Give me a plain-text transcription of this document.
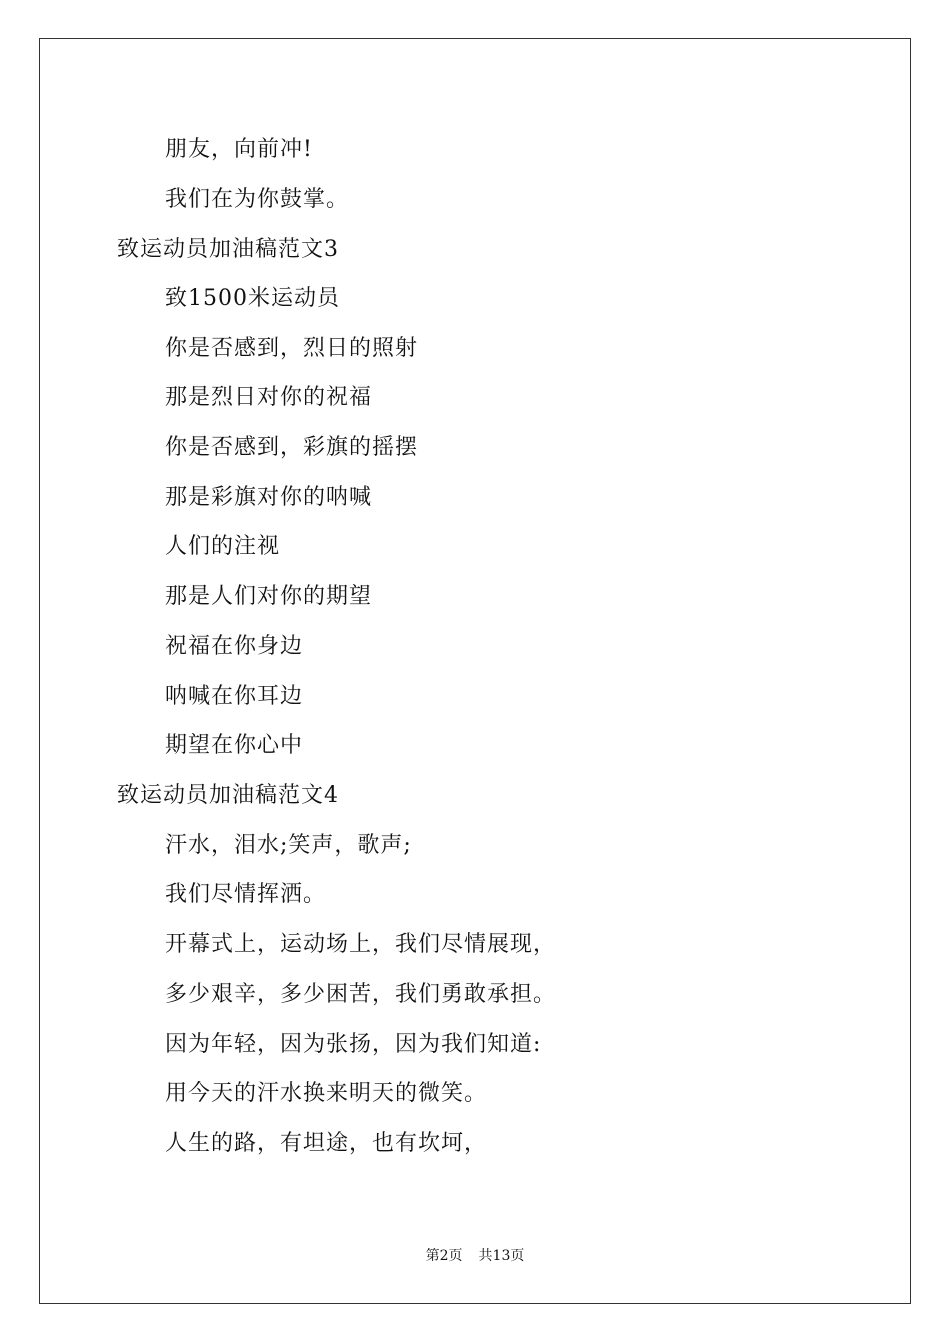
朋友，向前冲!
我们在为你鼓掌。
致运动员加油稿范文3
致1500米运动员
你是否感到，烈日的照射
那是烈日对你的祝福
你是否感到，彩旗的摇摆
那是彩旗对你的呐喊
人们的注视
那是人们对你的期望
祝福在你身边
呐喊在你耳边
期望在你心中
致运动员加油稿范文4
汗水，泪水;笑声，歌声;
我们尽情挥洒。
开幕式上，运动场上，我们尽情展现，
多少艰辛，多少困苦，我们勇敢承担。
因为年轻，因为张扬，因为我们知道:
用今天的汗水换来明天的微笑。
人生的路，有坦途，也有坎坷，
第2页 共13页
